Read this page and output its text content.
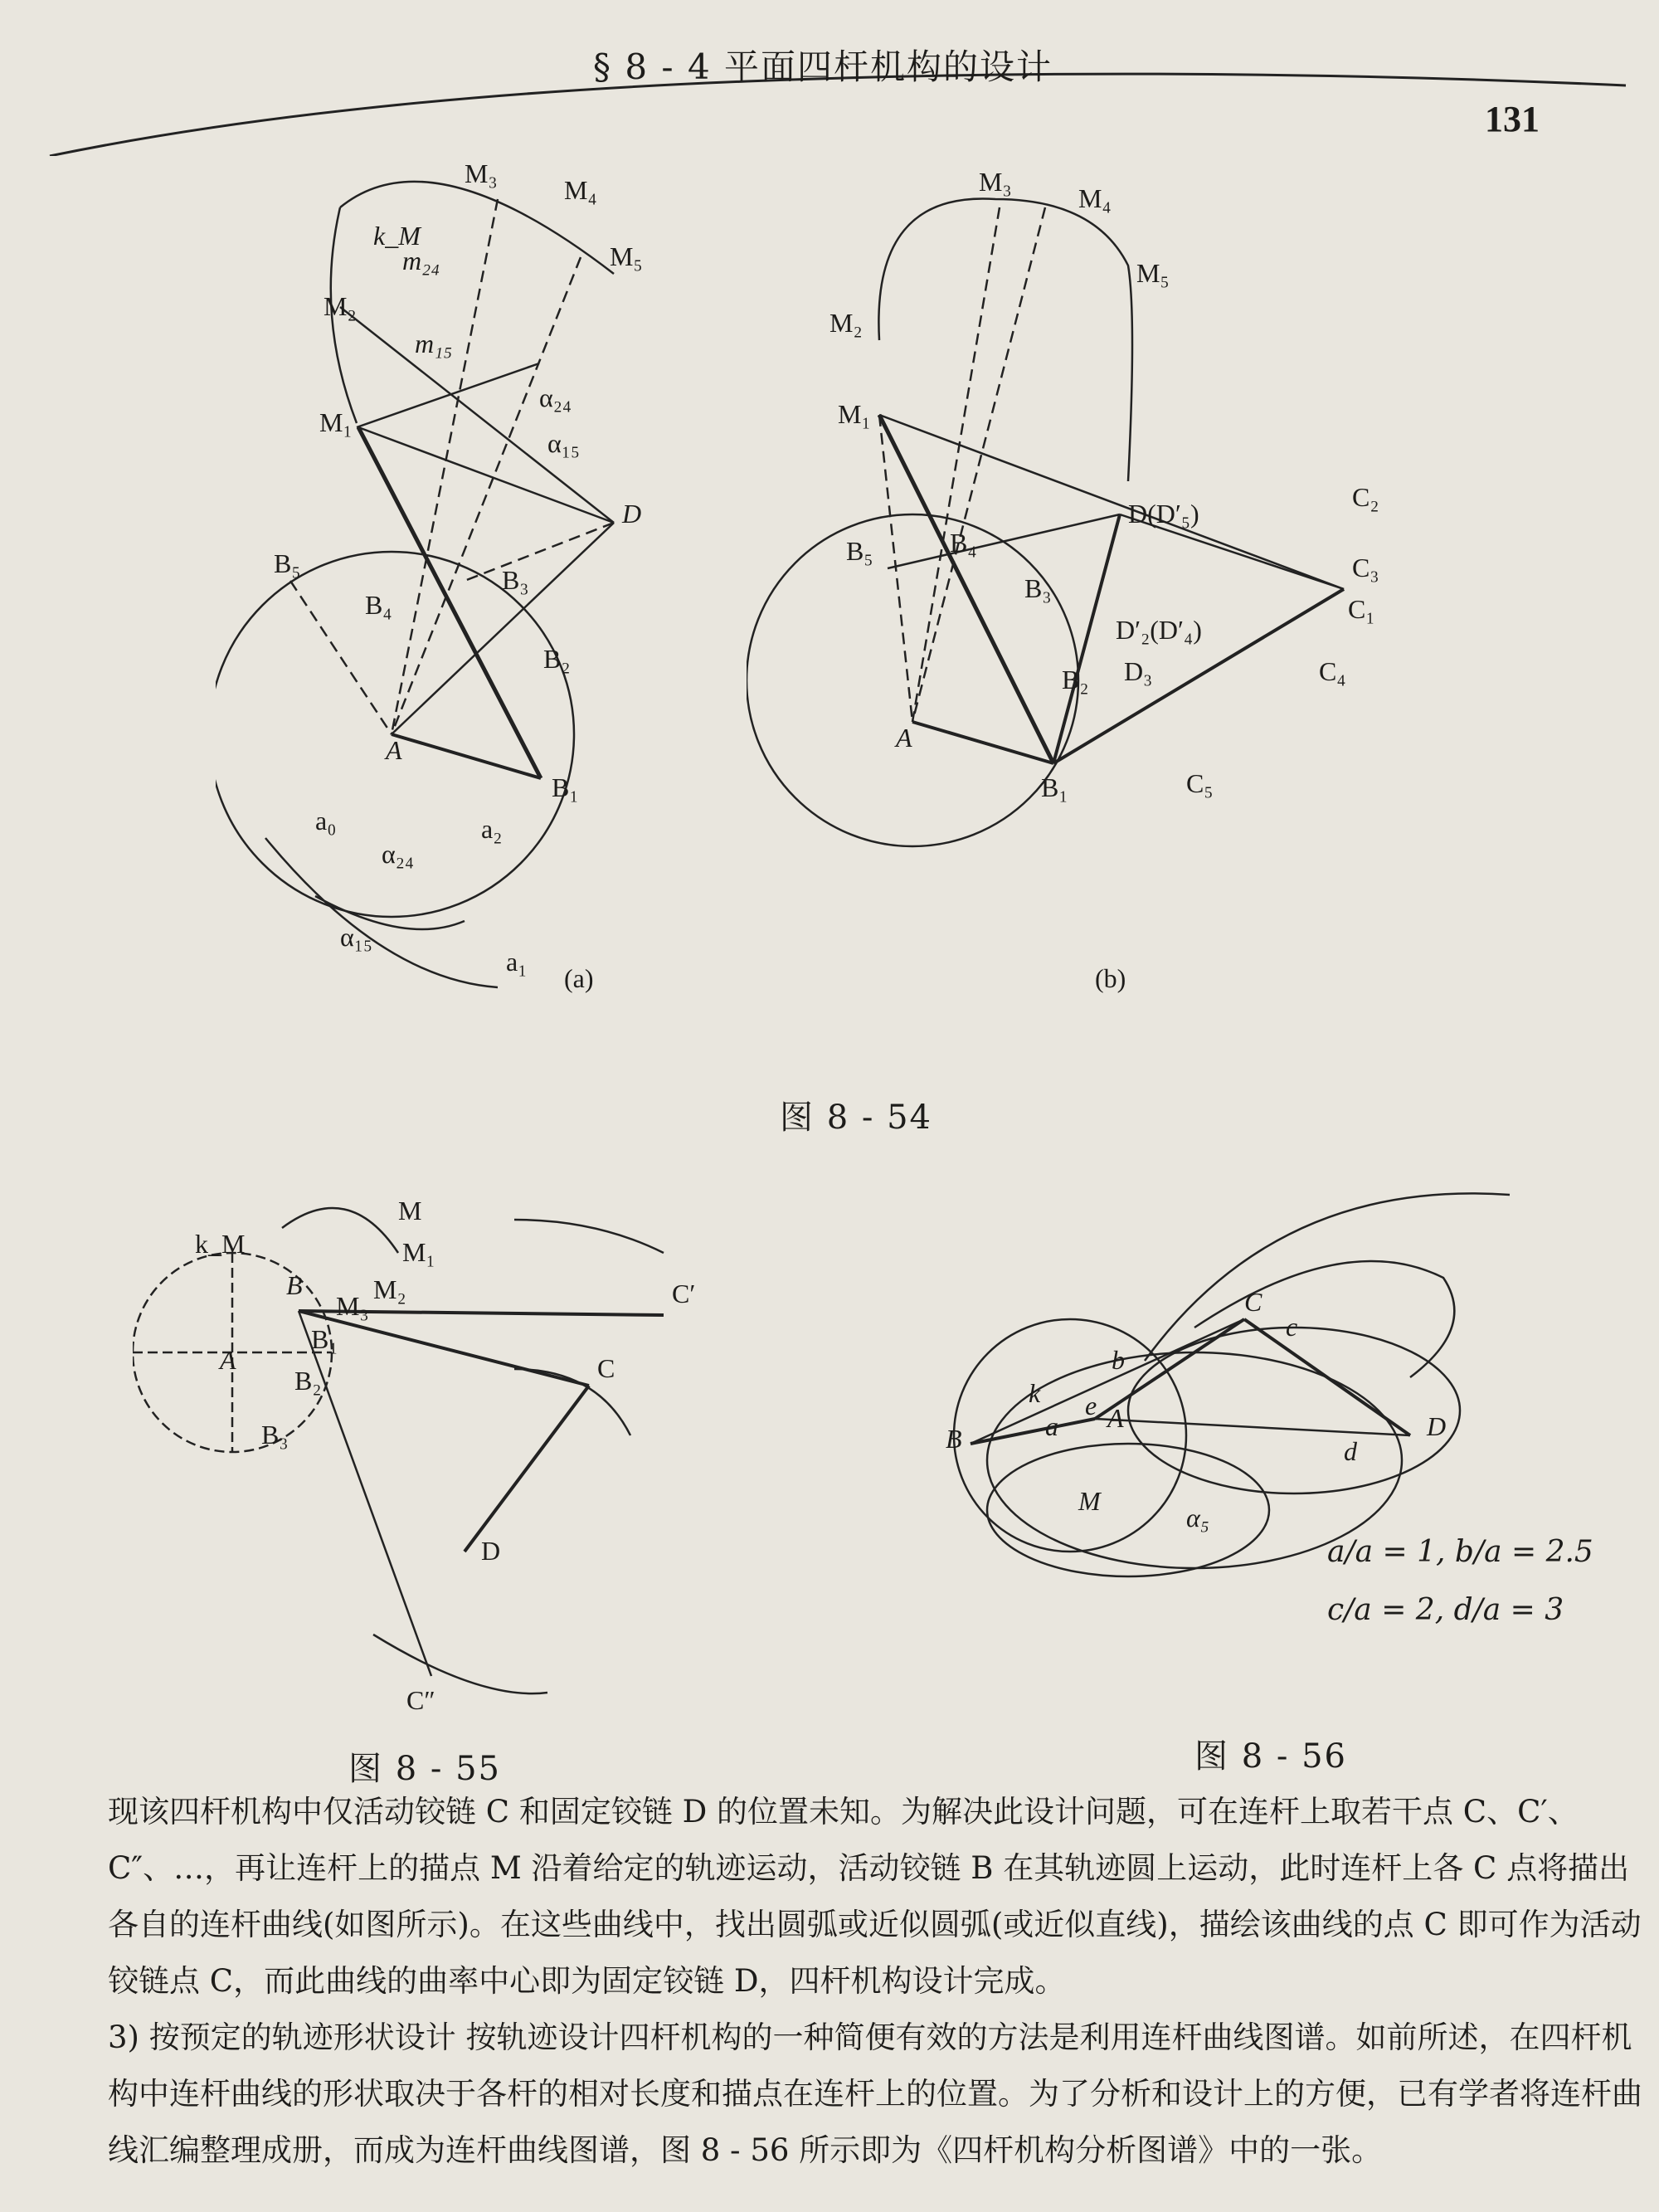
§ 8 - 4 平面四杆机构的设计
131
M₃
M₄
M₅
M₂
M₁
k_M
m₂₄
m₁₅
α₂₄
α₁₅
D
B₅
B₄
B₃
B₂
A
B₁
a₀	a₂
α₂₄
α₁₅
a₁
(a)
M₃
M₄
M₅
M₂
M₁
D(D′₅)
C₂
C₃
C₁
C₄
C₅
B₄
B₅
B₃
D′₂(D′₄)
D₃
B₂
A
B₁
(b)
图 8 - 54
M
M₁
M₂
M₃
k_M
B
B₁
B₂
B₃
A
C′
C
C″
D
图 8 - 55
C
c
b
k
a
e A
B	D
d
M
α₅
a/a = 1, b/a = 2.5
c/a = 2, d/a = 3
图 8 - 56

现该四杆机构中仅活动铰链 C 和固定铰链 D 的位置未知。为解决此设计问题，可在连杆上取若干点 C、C′、C″、…，再让连杆上的描点 M 沿着给定的轨迹运动，活动铰链 B 在其轨迹圆上运动，此时连杆上各 C 点将描出各自的连杆曲线(如图所示)。在这些曲线中，找出圆弧或近似圆弧(或近似直线)，描绘该曲线的点 C 即可作为活动铰链点 C，而此曲线的曲率中心即为固定铰链 D，四杆机构设计完成。

3) 按预定的轨迹形状设计 按轨迹设计四杆机构的一种简便有效的方法是利用连杆曲线图谱。如前所述，在四杆机构中连杆曲线的形状取决于各杆的相对长度和描点在连杆上的位置。为了分析和设计上的方便，已有学者将连杆曲线汇编整理成册，而成为连杆曲线图谱，图 8 - 56 所示即为《四杆机构分析图谱》中的一张。
